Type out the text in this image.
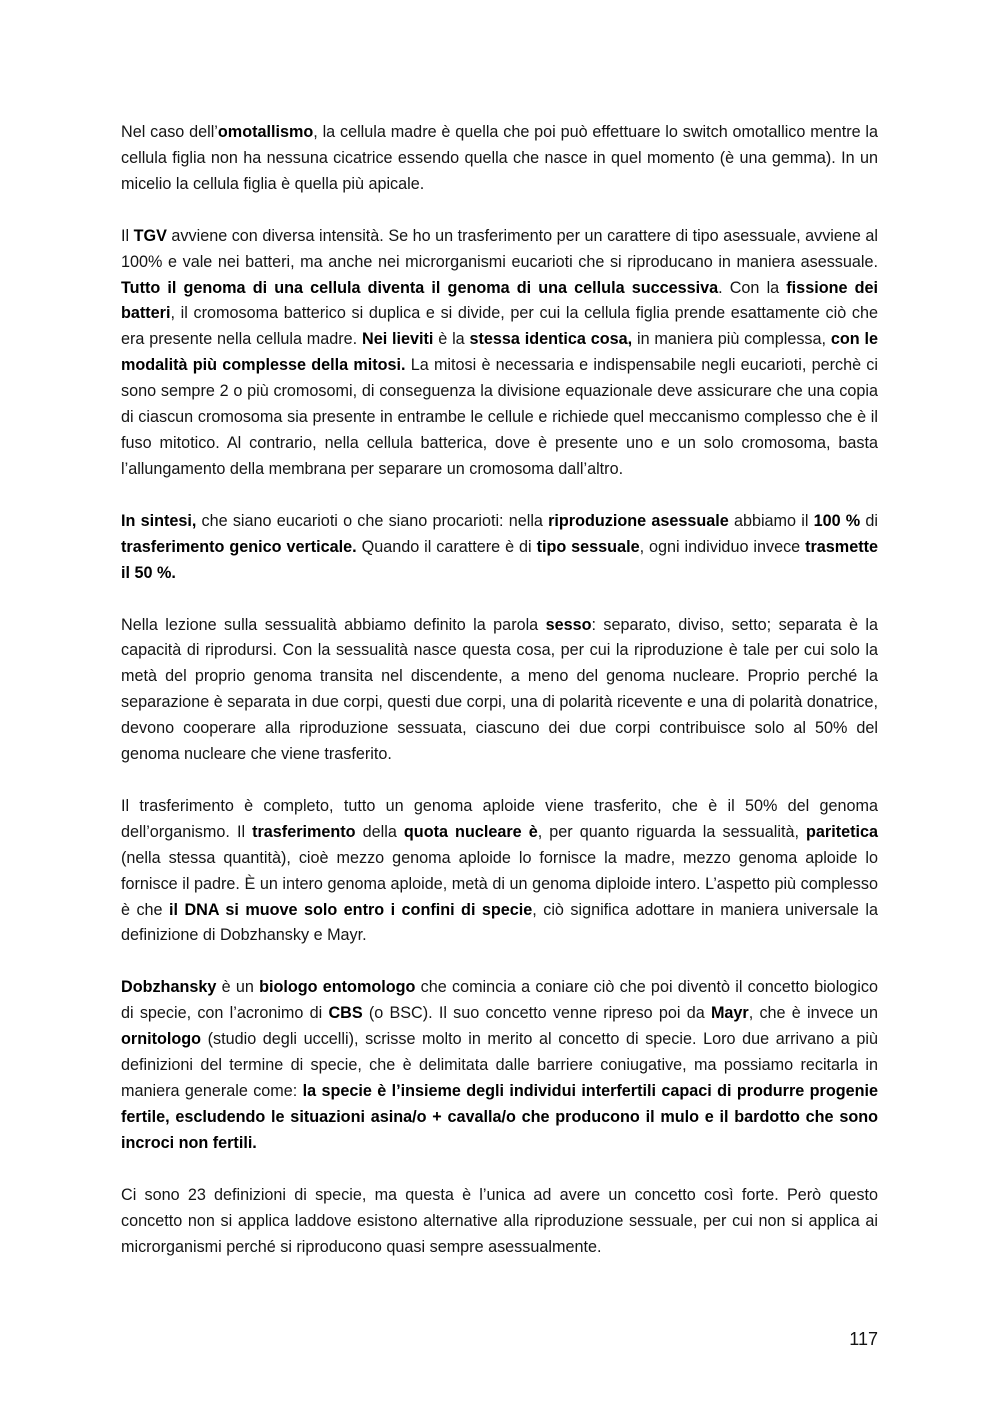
Nel caso dell’omotallismo, la cellula madre è quella che poi può effettuare lo switch omotallico mentre la cellula figlia non ha nessuna cicatrice essendo quella che nasce in quel momento (è una gemma). In un micelio la cellula figlia è quella più apicale.

Il TGV avviene con diversa intensità. Se ho un trasferimento per un carattere di tipo asessuale, avviene al 100% e vale nei batteri, ma anche nei microrganismi eucarioti che si riproducano in maniera asessuale. Tutto il genoma di una cellula diventa il genoma di una cellula successiva. Con la fissione dei batteri, il cromosoma batterico si duplica e si divide, per cui la cellula figlia prende esattamente ciò che era presente nella cellula madre. Nei lieviti è la stessa identica cosa, in maniera più complessa, con le modalità più complesse della mitosi. La mitosi è necessaria e indispensabile negli eucarioti, perchè ci sono sempre 2 o più cromosomi, di conseguenza la divisione equazionale deve assicurare che una copia di ciascun cromosoma sia presente in entrambe le cellule e richiede quel meccanismo complesso che è il fuso mitotico. Al contrario, nella cellula batterica, dove è presente uno e un solo cromosoma, basta l’allungamento della membrana per separare un cromosoma dall’altro.

In sintesi, che siano eucarioti o che siano procarioti: nella riproduzione asessuale abbiamo il 100 % di trasferimento genico verticale. Quando il carattere è di tipo sessuale, ogni individuo invece trasmette il 50 %.

Nella lezione sulla sessualità abbiamo definito la parola sesso: separato, diviso, setto; separata è la capacità di riprodursi. Con la sessualità nasce questa cosa, per cui la riproduzione è tale per cui solo la metà del proprio genoma transita nel discendente, a meno del genoma nucleare. Proprio perché la separazione è separata in due corpi, questi due corpi, una di polarità ricevente e una di polarità donatrice, devono cooperare alla riproduzione sessuata, ciascuno dei due corpi contribuisce solo al 50% del genoma nucleare che viene trasferito.

Il trasferimento è completo, tutto un genoma aploide viene trasferito, che è il 50% del genoma dell’organismo. Il trasferimento della quota nucleare è, per quanto riguarda la sessualità, paritetica (nella stessa quantità), cioè mezzo genoma aploide lo fornisce la madre, mezzo genoma aploide lo fornisce il padre. È un intero genoma aploide, metà di un genoma diploide intero. L’aspetto più complesso è che il DNA si muove solo entro i confini di specie, ciò significa adottare in maniera universale la definizione di Dobzhansky e Mayr.

Dobzhansky è un biologo entomologo che comincia a coniare ciò che poi diventò il concetto biologico di specie, con l’acronimo di CBS (o BSC). Il suo concetto venne ripreso poi da Mayr, che è invece un ornitologo (studio degli uccelli), scrisse molto in merito al concetto di specie. Loro due arrivano a più definizioni del termine di specie, che è delimitata dalle barriere coniugative, ma possiamo recitarla in maniera generale come: la specie è l’insieme degli individui interfertili capaci di produrre progenie fertile, escludendo le situazioni asina/o + cavalla/o che producono il mulo e il bardotto che sono incroci non fertili.

Ci sono 23 definizioni di specie, ma questa è l’unica ad avere un concetto così forte. Però questo concetto non si applica laddove esistono alternative alla riproduzione sessuale, per cui non si applica ai microrganismi perché si riproducono quasi sempre asessualmente.

117
